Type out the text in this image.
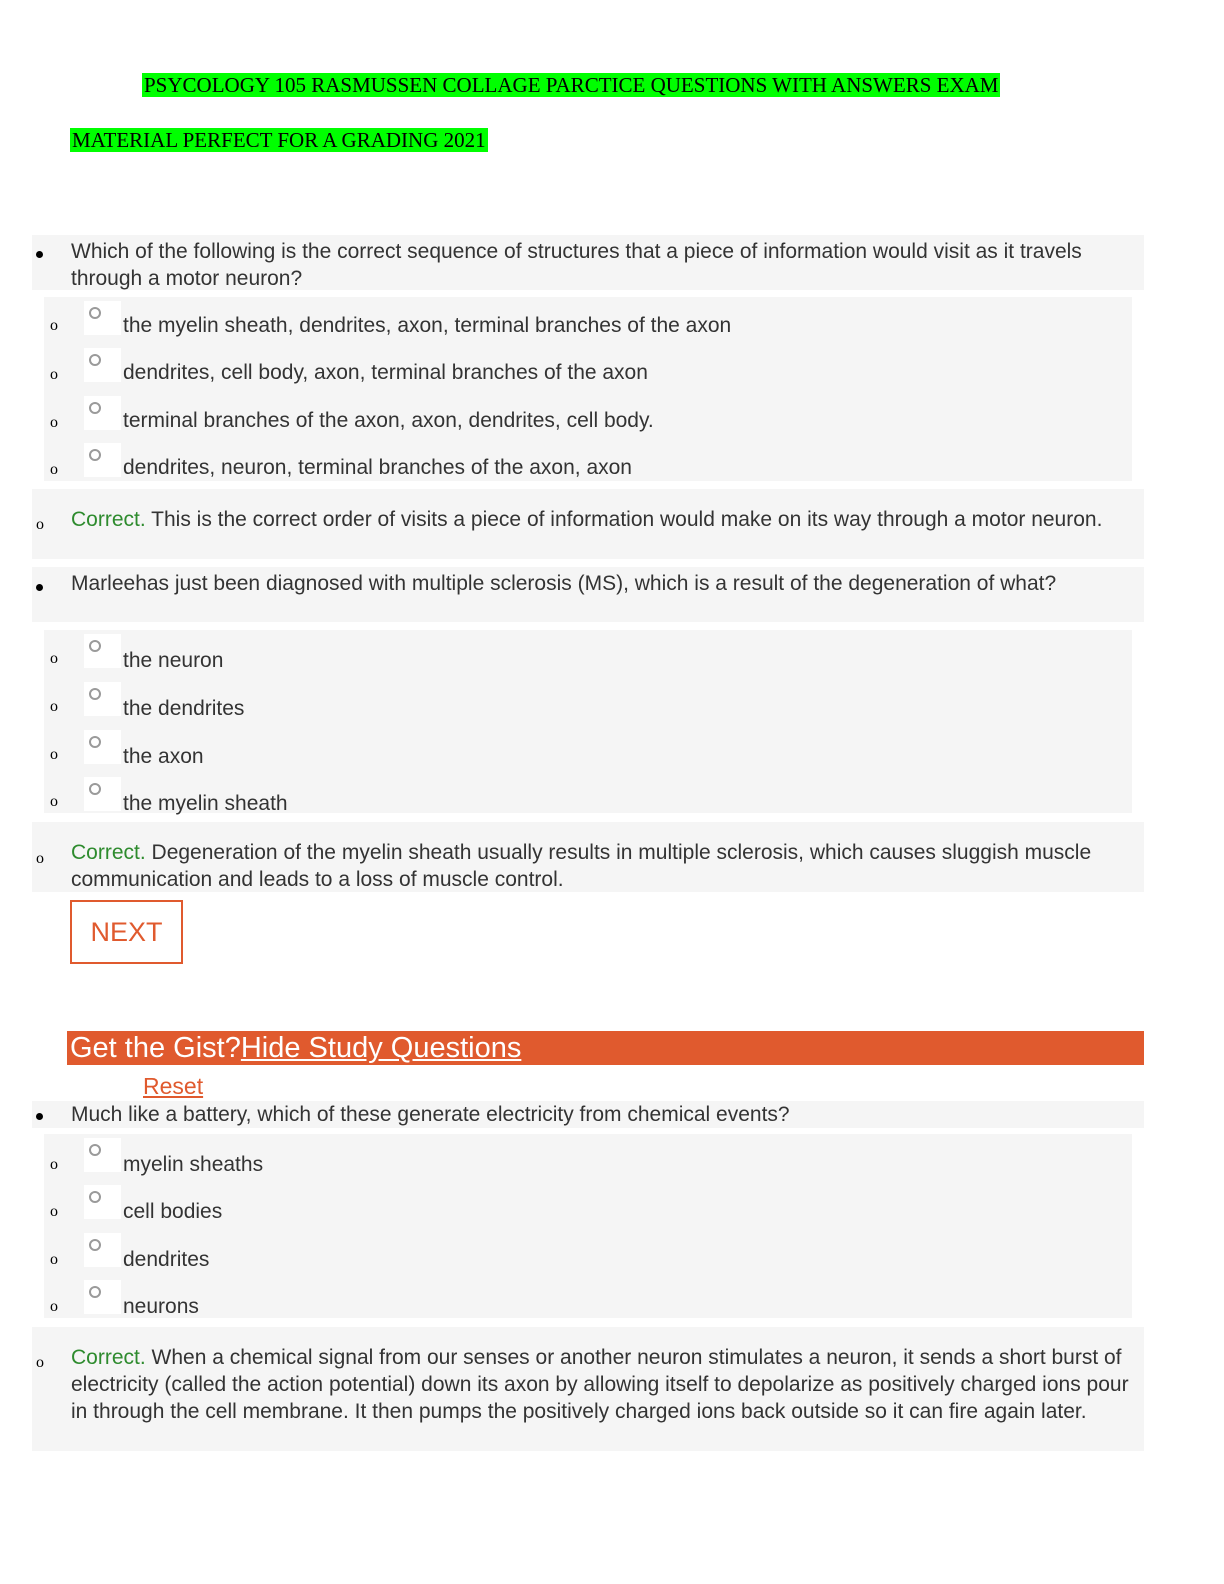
PSYCOLOGY 105 RASMUSSEN COLLAGE PARCTICE QUESTIONS WITH ANSWERS EXAM
MATERIAL PERFECT FOR A GRADING 2021
Which of the following is the correct sequence of structures that a piece of information would visit as it travels through a motor neuron?
o	the myelin sheath, dendrites, axon, terminal branches of the axon
o	dendrites, cell body, axon, terminal branches of the axon
o	terminal branches of the axon, axon, dendrites, cell body.
o	dendrites, neuron, terminal branches of the axon, axon
o Correct. This is the correct order of visits a piece of information would make on its way through a motor neuron.
Marleehas just been diagnosed with multiple sclerosis (MS), which is a result of the degeneration of what?
o	the neuron
o	the dendrites
o	the axon
o	the myelin sheath
o Correct. Degeneration of the myelin sheath usually results in multiple sclerosis, which causes sluggish muscle communication and leads to a loss of muscle control.
NEXT
Get the Gist?Hide Study Questions
Reset
Much like a battery, which of these generate electricity from chemical events?
o	myelin sheaths
o	cell bodies
o	dendrites
o	neurons
o Correct. When a chemical signal from our senses or another neuron stimulates a neuron, it sends a short burst of electricity (called the action potential) down its axon by allowing itself to depolarize as positively charged ions pour in through the cell membrane. It then pumps the positively charged ions back outside so it can fire again later.
